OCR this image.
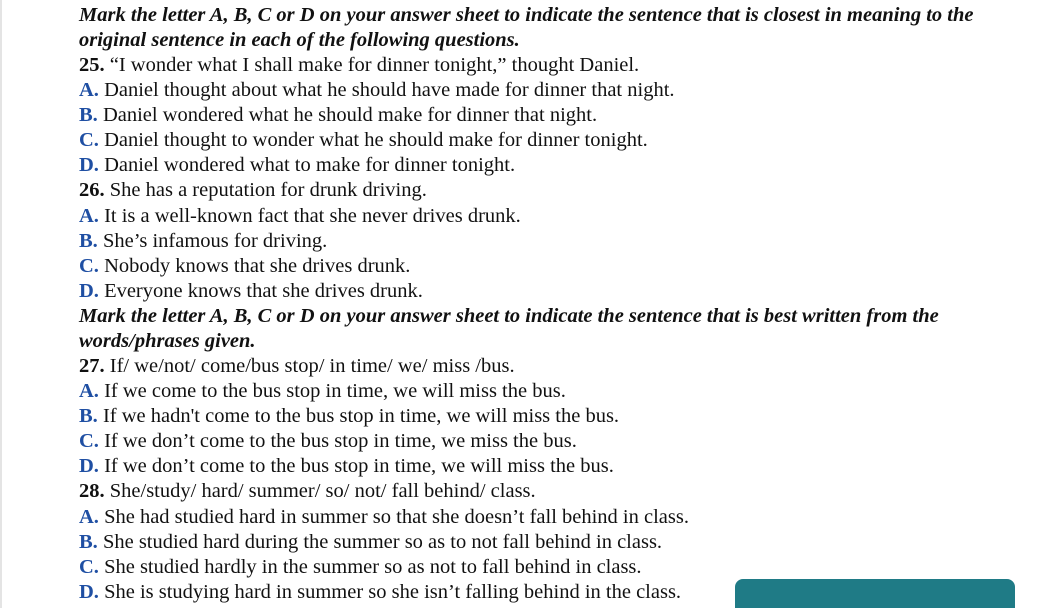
Mark the letter A, B, C or D on your answer sheet to indicate the sentence that is closest in meaning to the original sentence in each of the following questions.
25. “I wonder what I shall make for dinner tonight,” thought Daniel.
A. Daniel thought about what he should have made for dinner that night.
B. Daniel wondered what he should make for dinner that night.
C. Daniel thought to wonder what he should make for dinner tonight.
D. Daniel wondered what to make for dinner tonight.
26. She has a reputation for drunk driving.
A. It is a well-known fact that she never drives drunk.
B. She’s infamous for driving.
C. Nobody knows that she drives drunk.
D. Everyone knows that she drives drunk.
Mark the letter A, B, C or D on your answer sheet to indicate the sentence that is best written from the words/phrases given.
27. If/ we/not/ come/bus stop/ in time/ we/ miss /bus.
A. If we come to the bus stop in time, we will miss the bus.
B. If we hadn't come to the bus stop in time, we will miss the bus.
C. If we don’t come to the bus stop in time, we miss the bus.
D. If we don’t come to the bus stop in time, we will miss the bus.
28. She/study/ hard/ summer/ so/ not/ fall behind/ class.
A. She had studied hard in summer so that she doesn’t fall behind in class.
B. She studied hard during the summer so as to not fall behind in class.
C. She studied hardly in the summer so as not to fall behind in class.
D. She is studying hard in summer so she isn’t falling behind in the class.
